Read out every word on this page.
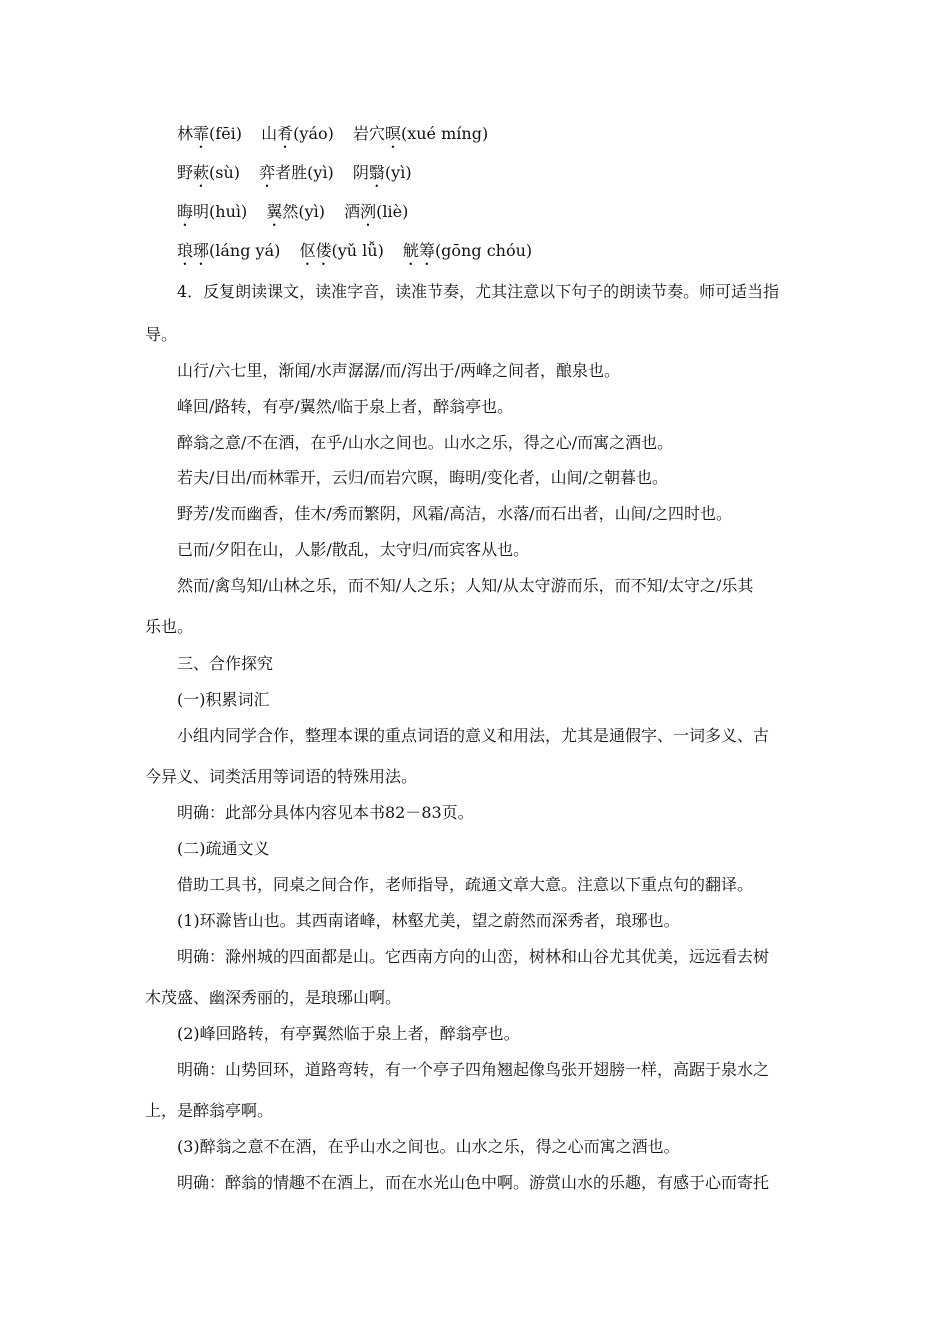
林霏(fēi) 山肴(yáo) 岩穴暝(xué míng)
野蔌(sù) 弈者胜(yì) 阴翳(yì)
晦明(huì) 翼然(yì) 酒洌(liè)
琅琊(láng yá) 伛偻(yǔ lǚ) 觥筹(gōng chóu)
4．反复朗读课文，读准字音，读准节奏，尤其注意以下句子的朗读节奏。师可适当指
导。
山行/六七里，渐闻/水声潺潺/而/泻出于/两峰之间者，酿泉也。
峰回/路转，有亭/翼然/临于泉上者，醉翁亭也。
醉翁之意/不在酒，在乎/山水之间也。山水之乐，得之心/而寓之酒也。
若夫/日出/而林霏开，云归/而岩穴暝，晦明/变化者，山间/之朝暮也。
野芳/发而幽香，佳木/秀而繁阴，风霜/高洁，水落/而石出者，山间/之四时也。
已而/夕阳在山，人影/散乱，太守归/而宾客从也。
然而/禽鸟知/山林之乐，而不知/人之乐；人知/从太守游而乐，而不知/太守之/乐其
乐也。
三、合作探究
(一)积累词汇
小组内同学合作，整理本课的重点词语的意义和用法，尤其是通假字、一词多义、古
今异义、词类活用等词语的特殊用法。
明确：此部分具体内容见本书82－83页。
(二)疏通文义
借助工具书，同桌之间合作，老师指导，疏通文章大意。注意以下重点句的翻译。
(1)环滁皆山也。其西南诸峰，林壑尤美，望之蔚然而深秀者，琅琊也。
明确：滁州城的四面都是山。它西南方向的山峦，树林和山谷尤其优美，远远看去树
木茂盛、幽深秀丽的，是琅琊山啊。
(2)峰回路转，有亭翼然临于泉上者，醉翁亭也。
明确：山势回环，道路弯转，有一个亭子四角翘起像鸟张开翅膀一样，高踞于泉水之
上，是醉翁亭啊。
(3)醉翁之意不在酒，在乎山水之间也。山水之乐，得之心而寓之酒也。
明确：醉翁的情趣不在酒上，而在水光山色中啊。游赏山水的乐趣，有感于心而寄托
